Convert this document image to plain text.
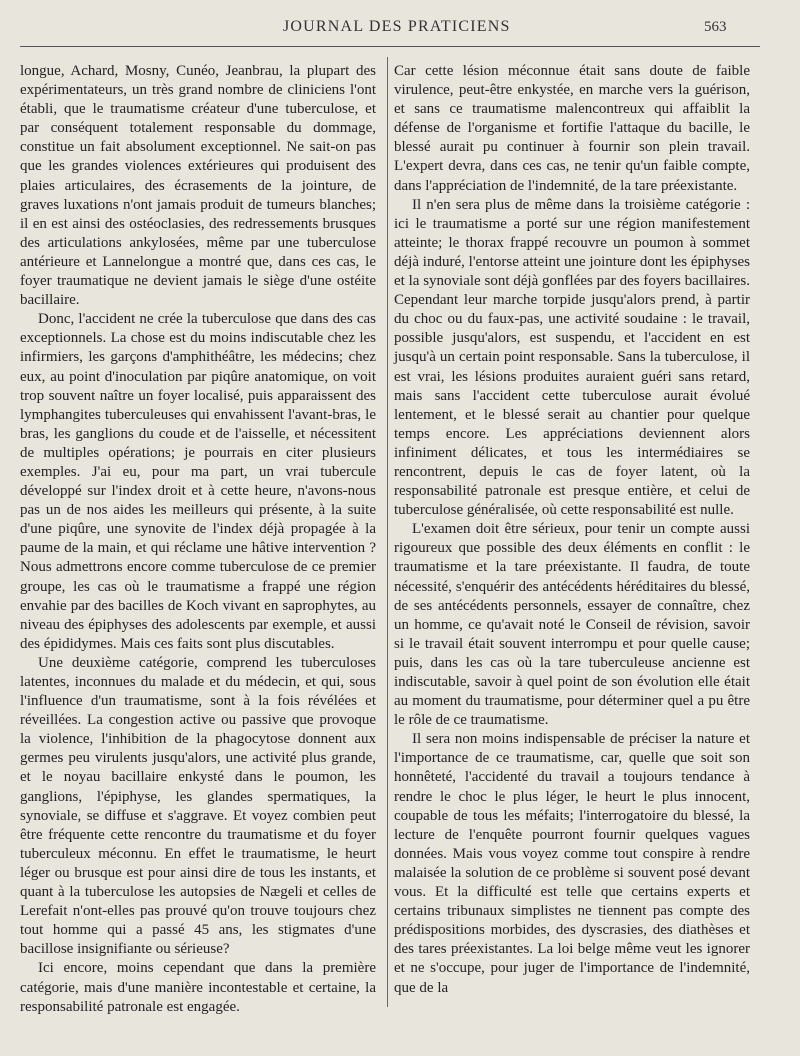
JOURNAL DES PRATICIENS	563

longue, Achard, Mosny, Cunéo, Jeanbrau, la plupart des expérimentateurs, un très grand nombre de cliniciens l'ont établi, que le traumatisme créateur d'une tuberculose, et par conséquent totalement responsable du dommage, constitue un fait absolument exceptionnel. Ne sait-on pas que les grandes violences extérieures qui produisent des plaies articulaires, des écrasements de la jointure, de graves luxations n'ont jamais produit de tumeurs blanches; il en est ainsi des ostéoclasies, des redressements brusques des articulations ankylosées, même par une tuberculose antérieure et Lannelongue a montré que, dans ces cas, le foyer traumatique ne devient jamais le siège d'une ostéite bacillaire.

Donc, l'accident ne crée la tuberculose que dans des cas exceptionnels. La chose est du moins indiscutable chez les infirmiers, les garçons d'amphithéâtre, les médecins; chez eux, au point d'inoculation par piqûre anatomique, on voit trop souvent naître un foyer localisé, puis apparaissent des lymphangites tuberculeuses qui envahissent l'avant-bras, le bras, les ganglions du coude et de l'aisselle, et nécessitent de multiples opérations; je pourrais en citer plusieurs exemples. J'ai eu, pour ma part, un vrai tubercule développé sur l'index droit et à cette heure, n'avons-nous pas un de nos aides les meilleurs qui présente, à la suite d'une piqûre, une synovite de l'index déjà propagée à la paume de la main, et qui réclame une hâtive intervention ? Nous admettrons encore comme tuberculose de ce premier groupe, les cas où le traumatisme a frappé une région envahie par des bacilles de Koch vivant en saprophytes, au niveau des épiphyses des adolescents par exemple, et aussi des épididymes. Mais ces faits sont plus discutables.

Une deuxième catégorie, comprend les tuberculoses latentes, inconnues du malade et du médecin, et qui, sous l'influence d'un traumatisme, sont à la fois révélées et réveillées. La congestion active ou passive que provoque la violence, l'inhibition de la phagocytose donnent aux germes peu virulents jusqu'alors, une activité plus grande, et le noyau bacillaire enkysté dans le poumon, les ganglions, l'épiphyse, les glandes spermatiques, la synoviale, se diffuse et s'aggrave. Et voyez combien peut être fréquente cette rencontre du traumatisme et du foyer tuberculeux méconnu. En effet le traumatisme, le heurt léger ou brusque est pour ainsi dire de tous les instants, et quant à la tuberculose les autopsies de Nægeli et celles de Lerefait n'ont-elles pas prouvé qu'on trouve toujours chez tout homme qui a passé 45 ans, les stigmates d'une bacillose insignifiante ou sérieuse?

Ici encore, moins cependant que dans la première catégorie, mais d'une manière incontestable et certaine, la responsabilité patronale est engagée.

Car cette lésion méconnue était sans doute de faible virulence, peut-être enkystée, en marche vers la guérison, et sans ce traumatisme malencontreux qui affaiblit la défense de l'organisme et fortifie l'attaque du bacille, le blessé aurait pu continuer à fournir son plein travail. L'expert devra, dans ces cas, ne tenir qu'un faible compte, dans l'appréciation de l'indemnité, de la tare préexistante.

Il n'en sera plus de même dans la troisième catégorie : ici le traumatisme a porté sur une région manifestement atteinte; le thorax frappé recouvre un poumon à sommet déjà induré, l'entorse atteint une jointure dont les épiphyses et la synoviale sont déjà gonflées par des foyers bacillaires. Cependant leur marche torpide jusqu'alors prend, à partir du choc ou du faux-pas, une activité soudaine : le travail, possible jusqu'alors, est suspendu, et l'accident en est jusqu'à un certain point responsable. Sans la tuberculose, il est vrai, les lésions produites auraient guéri sans retard, mais sans l'accident cette tuberculose aurait évolué lentement, et le blessé serait au chantier pour quelque temps encore. Les appréciations deviennent alors infiniment délicates, et tous les intermédiaires se rencontrent, depuis le cas de foyer latent, où la responsabilité patronale est presque entière, et celui de tuberculose généralisée, où cette responsabilité est nulle.

L'examen doit être sérieux, pour tenir un compte aussi rigoureux que possible des deux éléments en conflit : le traumatisme et la tare préexistante. Il faudra, de toute nécessité, s'enquérir des antécédents héréditaires du blessé, de ses antécédents personnels, essayer de connaître, chez un homme, ce qu'avait noté le Conseil de révision, savoir si le travail était souvent interrompu et pour quelle cause; puis, dans les cas où la tare tuberculeuse ancienne est indiscutable, savoir à quel point de son évolution elle était au moment du traumatisme, pour déterminer quel a pu être le rôle de ce traumatisme.

Il sera non moins indispensable de préciser la nature et l'importance de ce traumatisme, car, quelle que soit son honnêteté, l'accidenté du travail a toujours tendance à rendre le choc le plus léger, le heurt le plus innocent, coupable de tous les méfaits; l'interrogatoire du blessé, la lecture de l'enquête pourront fournir quelques vagues données. Mais vous voyez comme tout conspire à rendre malaisée la solution de ce problème si souvent posé devant vous. Et la difficulté est telle que certains experts et certains tribunaux simplistes ne tiennent pas compte des prédispositions morbides, des dyscrasies, des diathèses et des tares préexistantes. La loi belge même veut les ignorer et ne s'occupe, pour juger de l'importance de l'indemnité, que de la
